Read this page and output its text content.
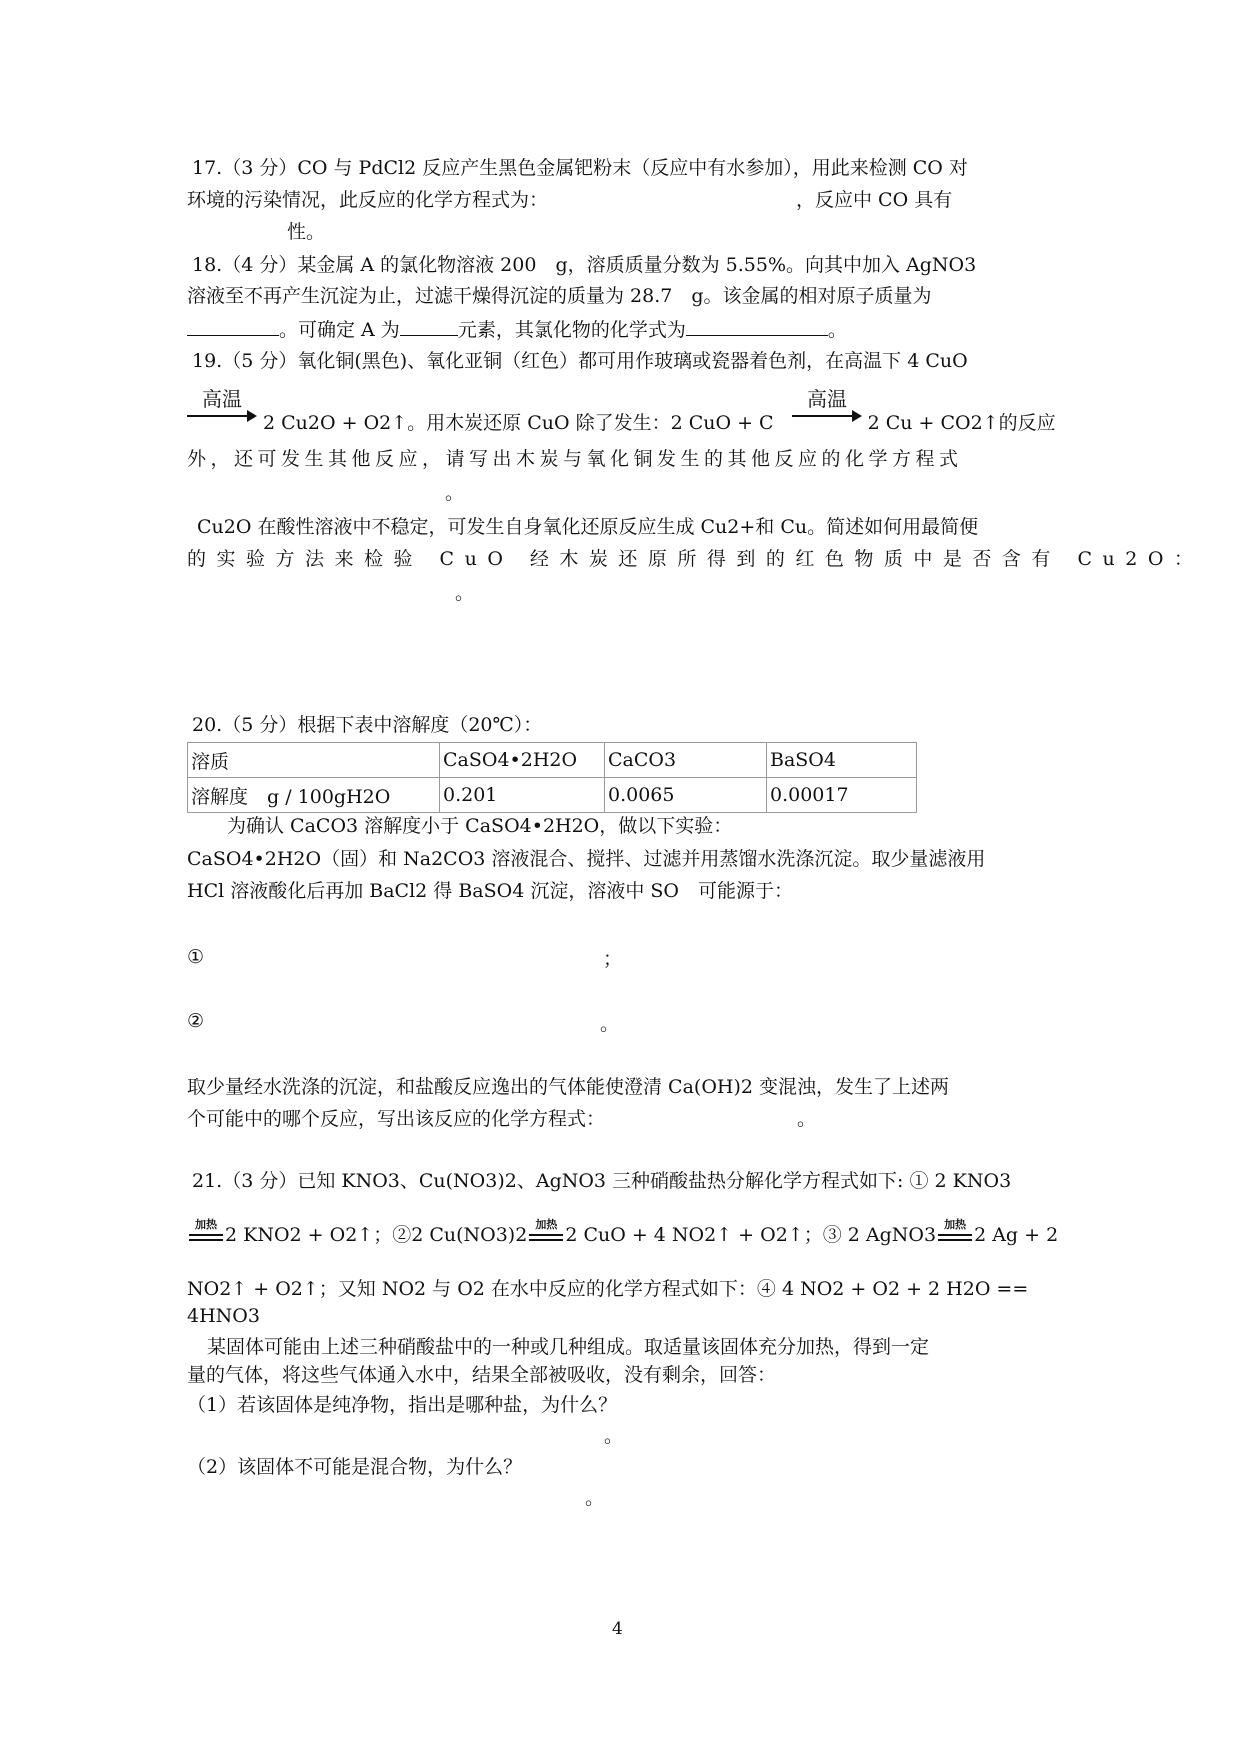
17.（3 分）CO 与 PdCl2 反应产生黑色金属钯粉末（反应中有水参加），用此来检测 CO 对
环境的污染情况，此反应的化学方程式为：	，反应中 CO 具有
性。
18.（4 分）某金属 A 的氯化物溶液 200　g，溶质质量分数为 5.55%。向其中加入 AgNO3
溶液至不再产生沉淀为止，过滤干燥得沉淀的质量为 28.7　g。该金属的相对原子质量为
。可确定 A 为	元素，其氯化物的化学式为	。
19.（5 分）氧化铜(黑色)、氧化亚铜（红色）都可用作玻璃或瓷器着色剂，在高温下 4 CuO
高温
2 Cu2O + O2↑。用木炭还原 CuO 除了发生：2 CuO + C	2 Cu + CO2↑的反应
高温
外，还可发生其他反应，请写出木炭与氧化铜发生的其他反应的化学方程式
。
Cu2O 在酸性溶液中不稳定，可发生自身氧化还原反应生成 Cu2+和 Cu。简述如何用最简便
的实验方法来检验 CuO 经木炭还原所得到的红色物质中是否含有 Cu2O：
。
20.（5 分）根据下表中溶解度（20℃）：
溶质	CaSO4•2H2O	CaCO3	BaSO4
溶解度　g / 100gH2O	0.201	0.0065	0.00017
为确认 CaCO3 溶解度小于 CaSO4•2H2O，做以下实验：
CaSO4•2H2O（固）和 Na2CO3 溶液混合、搅拌、过滤并用蒸馏水洗涤沉淀。取少量滤液用
HCl 溶液酸化后再加 BaCl2 得 BaSO4 沉淀，溶液中 SO　可能源于：
①	；
②	。
取少量经水洗涤的沉淀，和盐酸反应逸出的气体能使澄清 Ca(OH)2 变混浊，发生了上述两
个可能中的哪个反应，写出该反应的化学方程式：	。
21.（3 分）已知 KNO3、Cu(NO3)2、AgNO3 三种硝酸盐热分解化学方程式如下: ① 2 KNO3
加热 2 KNO2 + O2↑；②2 Cu(NO3)2 加热 2 CuO + 4 NO2↑ + O2↑；③ 2 AgNO3 加热 2 Ag + 2
NO2↑ + O2↑；又知 NO2 与 O2 在水中反应的化学方程式如下：④ 4 NO2 + O2 + 2 H2O ==
4HNO3
某固体可能由上述三种硝酸盐中的一种或几种组成。取适量该固体充分加热，得到一定
量的气体，将这些气体通入水中，结果全部被吸收，没有剩余，回答：
（1）若该固体是纯净物，指出是哪种盐，为什么？
。
（2）该固体不可能是混合物，为什么？
。
4
